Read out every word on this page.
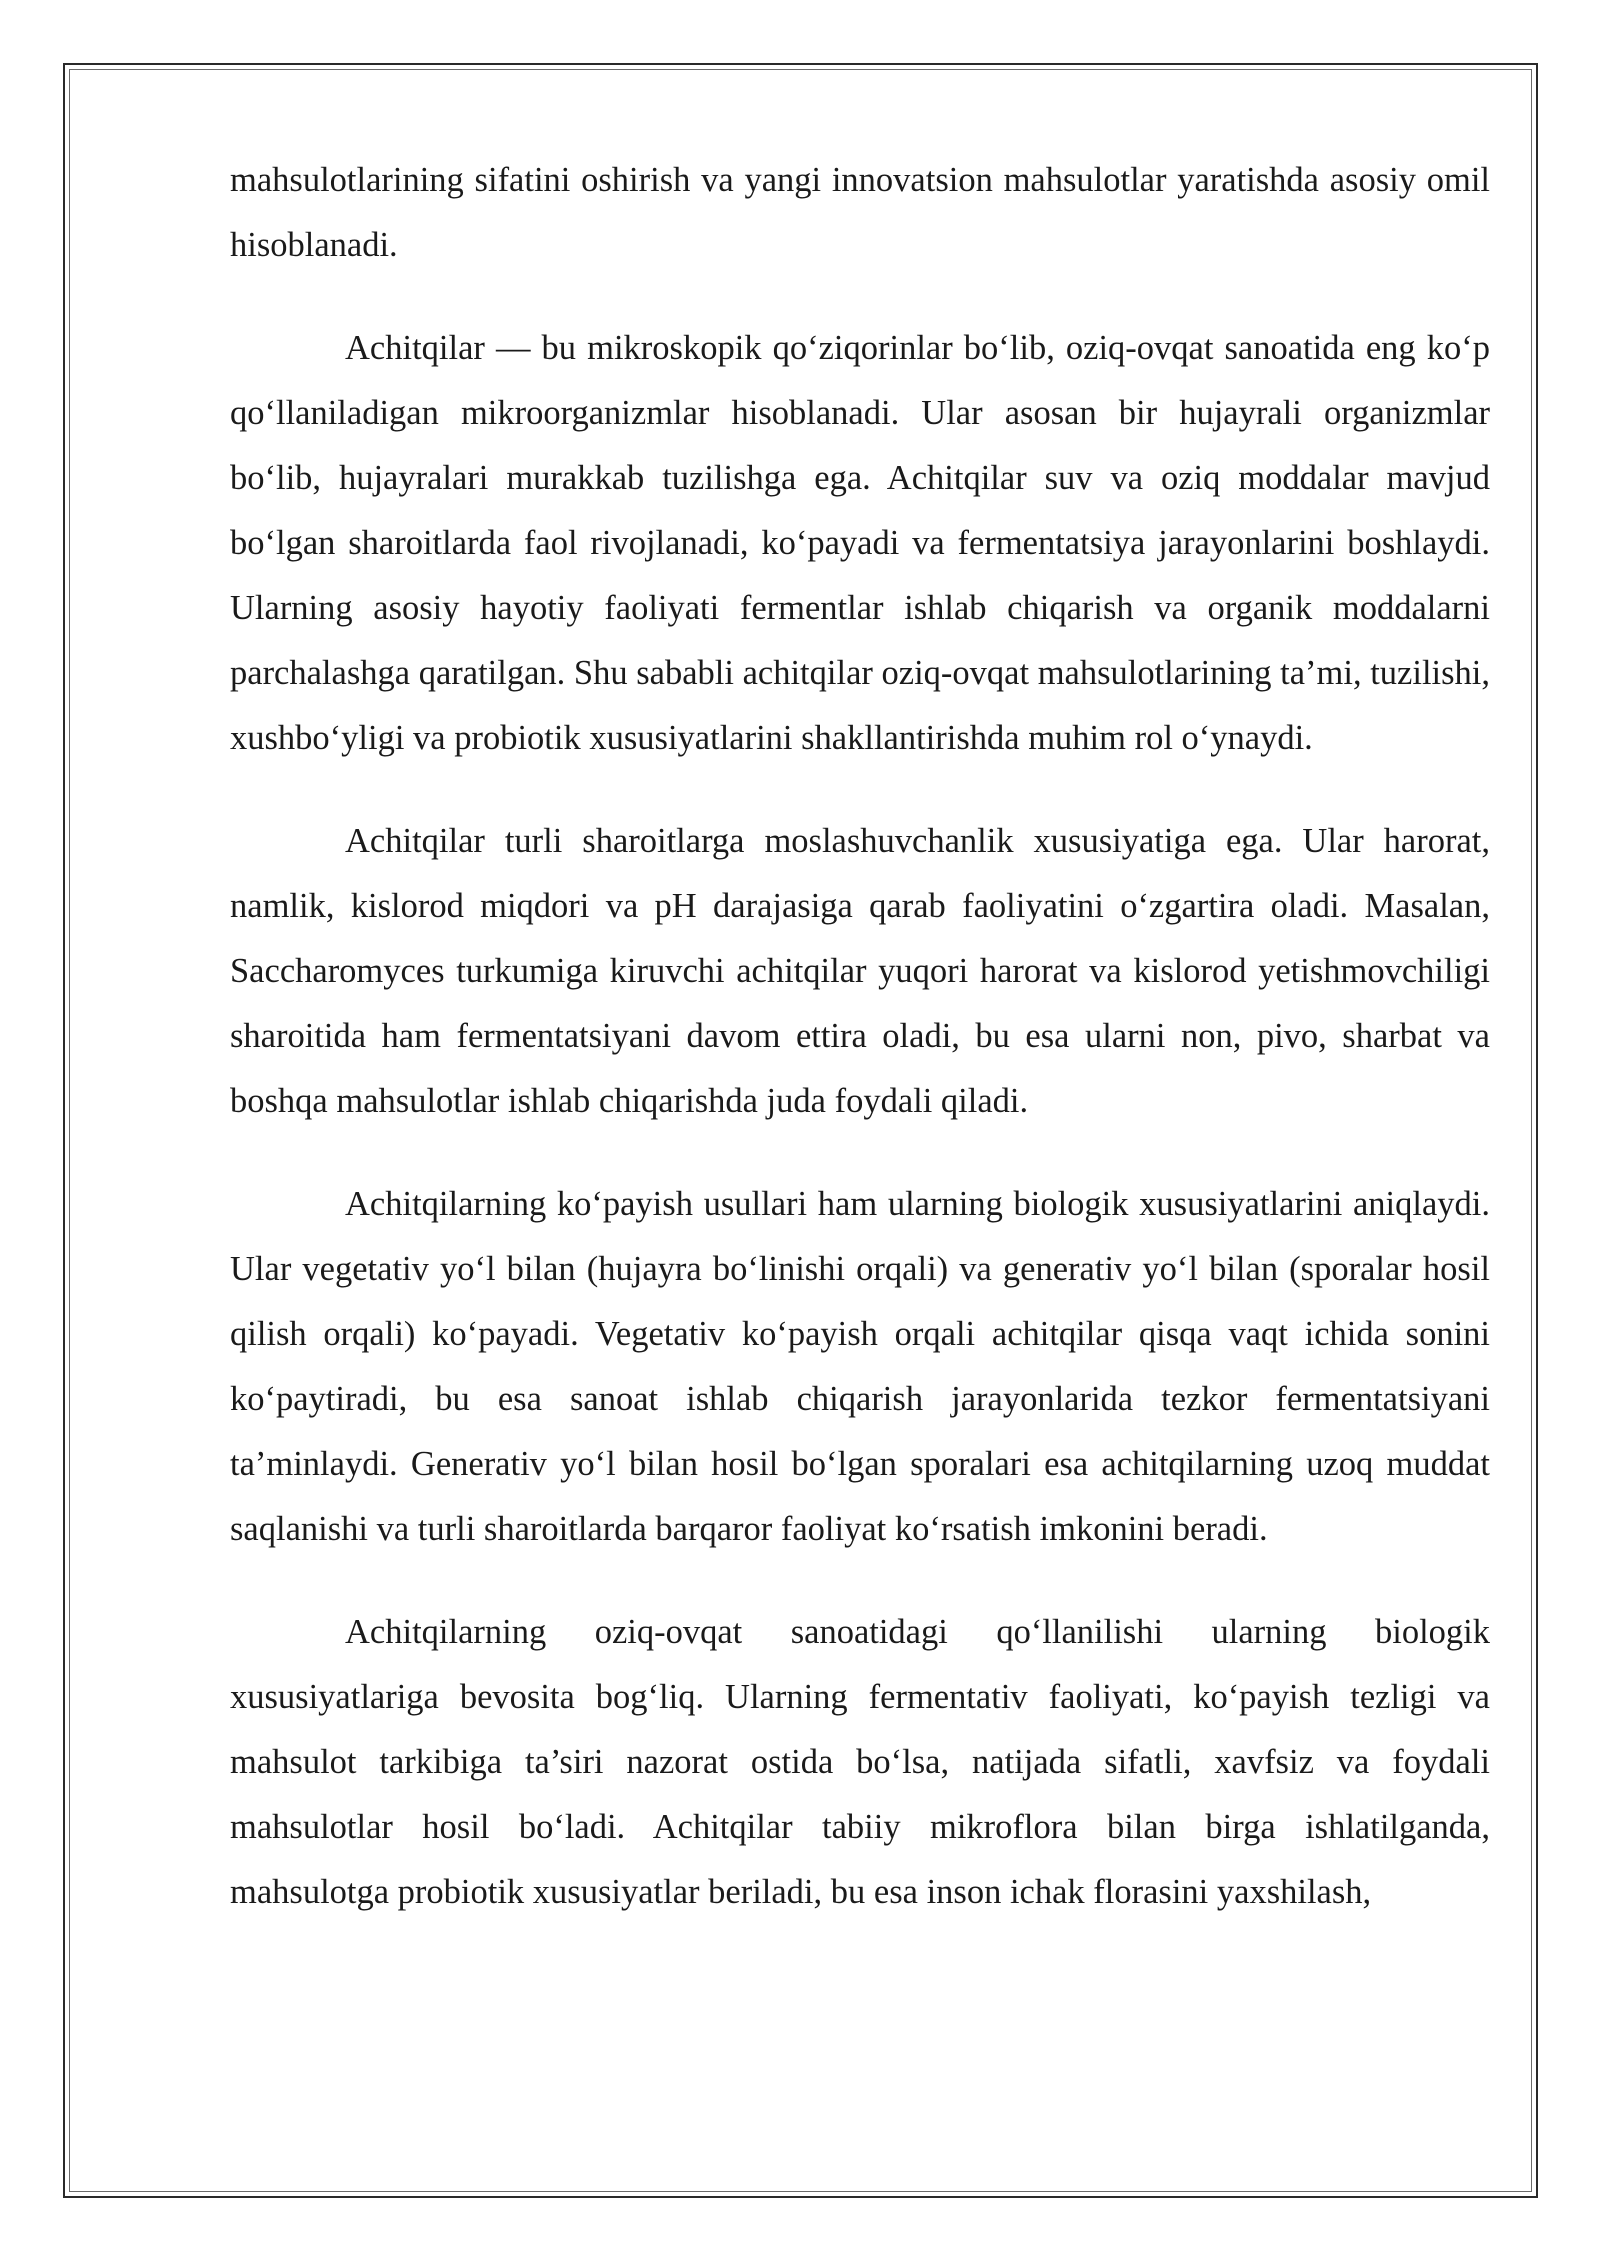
mahsulotlarining sifatini oshirish va yangi innovatsion mahsulotlar yaratishda asosiy omil hisoblanadi.

Achitqilar — bu mikroskopik qo‘ziqorinlar bo‘lib, oziq-ovqat sanoatida eng ko‘p qo‘llaniladigan mikroorganizmlar hisoblanadi. Ular asosan bir hujayrali organizmlar bo‘lib, hujayralari murakkab tuzilishga ega. Achitqilar suv va oziq moddalar mavjud bo‘lgan sharoitlarda faol rivojlanadi, ko‘payadi va fermentatsiya jarayonlarini boshlaydi. Ularning asosiy hayotiy faoliyati fermentlar ishlab chiqarish va organik moddalarni parchalashga qaratilgan. Shu sababli achitqilar oziq-ovqat mahsulotlarining ta’mi, tuzilishi, xushbo‘yligi va probiotik xususiyatlarini shakllantirishda muhim rol o‘ynaydi.

Achitqilar turli sharoitlarga moslashuvchanlik xususiyatiga ega. Ular harorat, namlik, kislorod miqdori va pH darajasiga qarab faoliyatini o‘zgartira oladi. Masalan, Saccharomyces turkumiga kiruvchi achitqilar yuqori harorat va kislorod yetishmovchiligi sharoitida ham fermentatsiyani davom ettira oladi, bu esa ularni non, pivo, sharbat va boshqa mahsulotlar ishlab chiqarishda juda foydali qiladi.

Achitqilarning ko‘payish usullari ham ularning biologik xususiyatlarini aniqlaydi. Ular vegetativ yo‘l bilan (hujayra bo‘linishi orqali) va generativ yo‘l bilan (sporalar hosil qilish orqali) ko‘payadi. Vegetativ ko‘payish orqali achitqilar qisqa vaqt ichida sonini ko‘paytiradi, bu esa sanoat ishlab chiqarish jarayonlarida tezkor fermentatsiyani ta’minlaydi. Generativ yo‘l bilan hosil bo‘lgan sporalari esa achitqilarning uzoq muddat saqlanishi va turli sharoitlarda barqaror faoliyat ko‘rsatish imkonini beradi.

Achitqilarning oziq-ovqat sanoatidagi qo‘llanilishi ularning biologik xususiyatlariga bevosita bog‘liq. Ularning fermentativ faoliyati, ko‘payish tezligi va mahsulot tarkibiga ta’siri nazorat ostida bo‘lsa, natijada sifatli, xavfsiz va foydali mahsulotlar hosil bo‘ladi. Achitqilar tabiiy mikroflora bilan birga ishlatilganda, mahsulotga probiotik xususiyatlar beriladi, bu esa inson ichak florasini yaxshilash,
